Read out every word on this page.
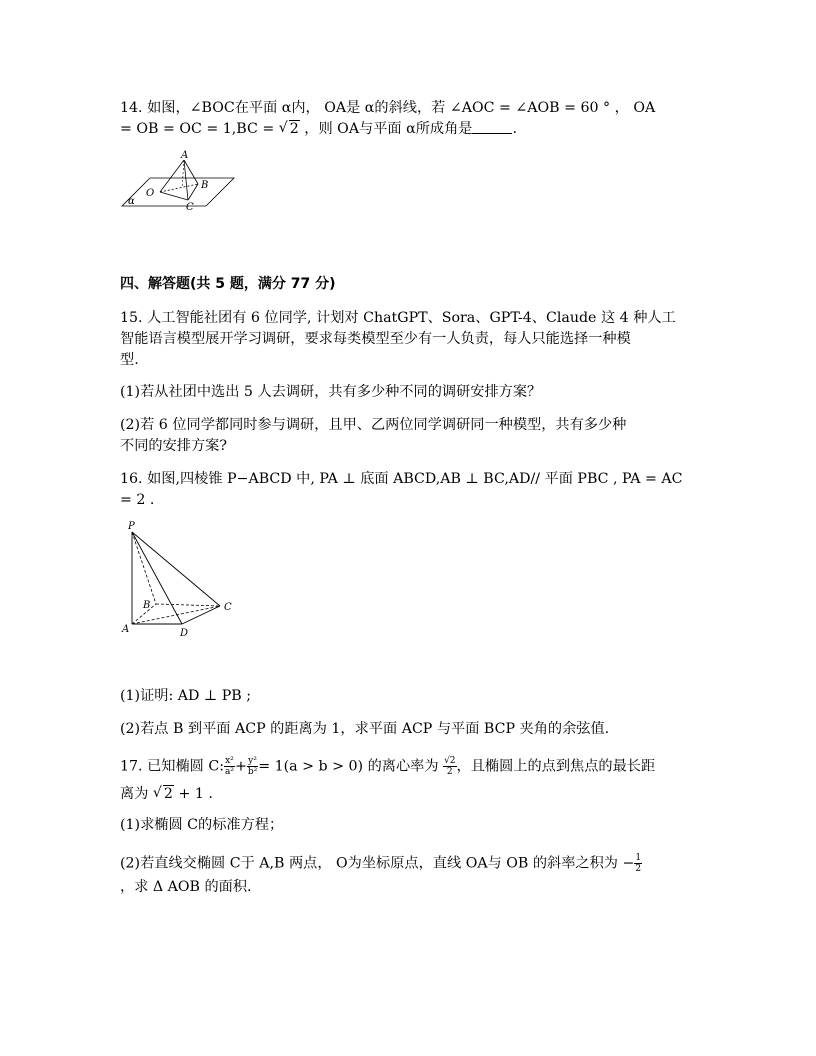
14. 如图，∠BOC在平面 α内， OA是 α的斜线，若 ∠AOC = ∠AOB = 60 ° ， OA
= OB = OC = 1,BC = √ 2 ，则 OA与平面 α所成角是	.
A
B
O
C
α
四、解答题(共 5 题，满分 77 分)
15. 人工智能社团有 6 位同学, 计划对 ChatGPT、Sora、GPT-4、Claude 这 4 种人工
智能语言模型展开学习调研，要求每类模型至少有一人负责，每人只能选择一种模
型.
(1)若从社团中选出 5 人去调研，共有多少种不同的调研安排方案？
(2)若 6 位同学都同时参与调研，且甲、乙两位同学调研同一种模型，共有多少种
不同的安排方案?
16. 如图,四棱锥 P−ABCD 中, PA ⊥ 底面 ABCD,AB ⊥ BC,AD// 平面 PBC , PA = AC
= 2 .
P
B	C
A	D
(1)证明: AD ⊥ PB ;
(2)若点 B 到平面 ACP 的距离为 1，求平面 ACP 与平面 BCP 夹角的余弦值.
17. 已知椭圆 C: $\frac{\text{x²}}{\text{a²}} + \frac{\text{y²}}{\text{b²}} = 1(a > b > 0)$ 的离心率为 $\frac{√2}{2}$ ，且椭圆上的点到焦点的最长距
离为 √ 2 + 1 .
(1)求椭圆 C的标准方程；
(2)若直线交椭圆 C于 A,B 两点， O为坐标原点，直线 OA与 OB 的斜率之积为 − $\frac{1}{2}$
，求 Δ AOB 的面积.
